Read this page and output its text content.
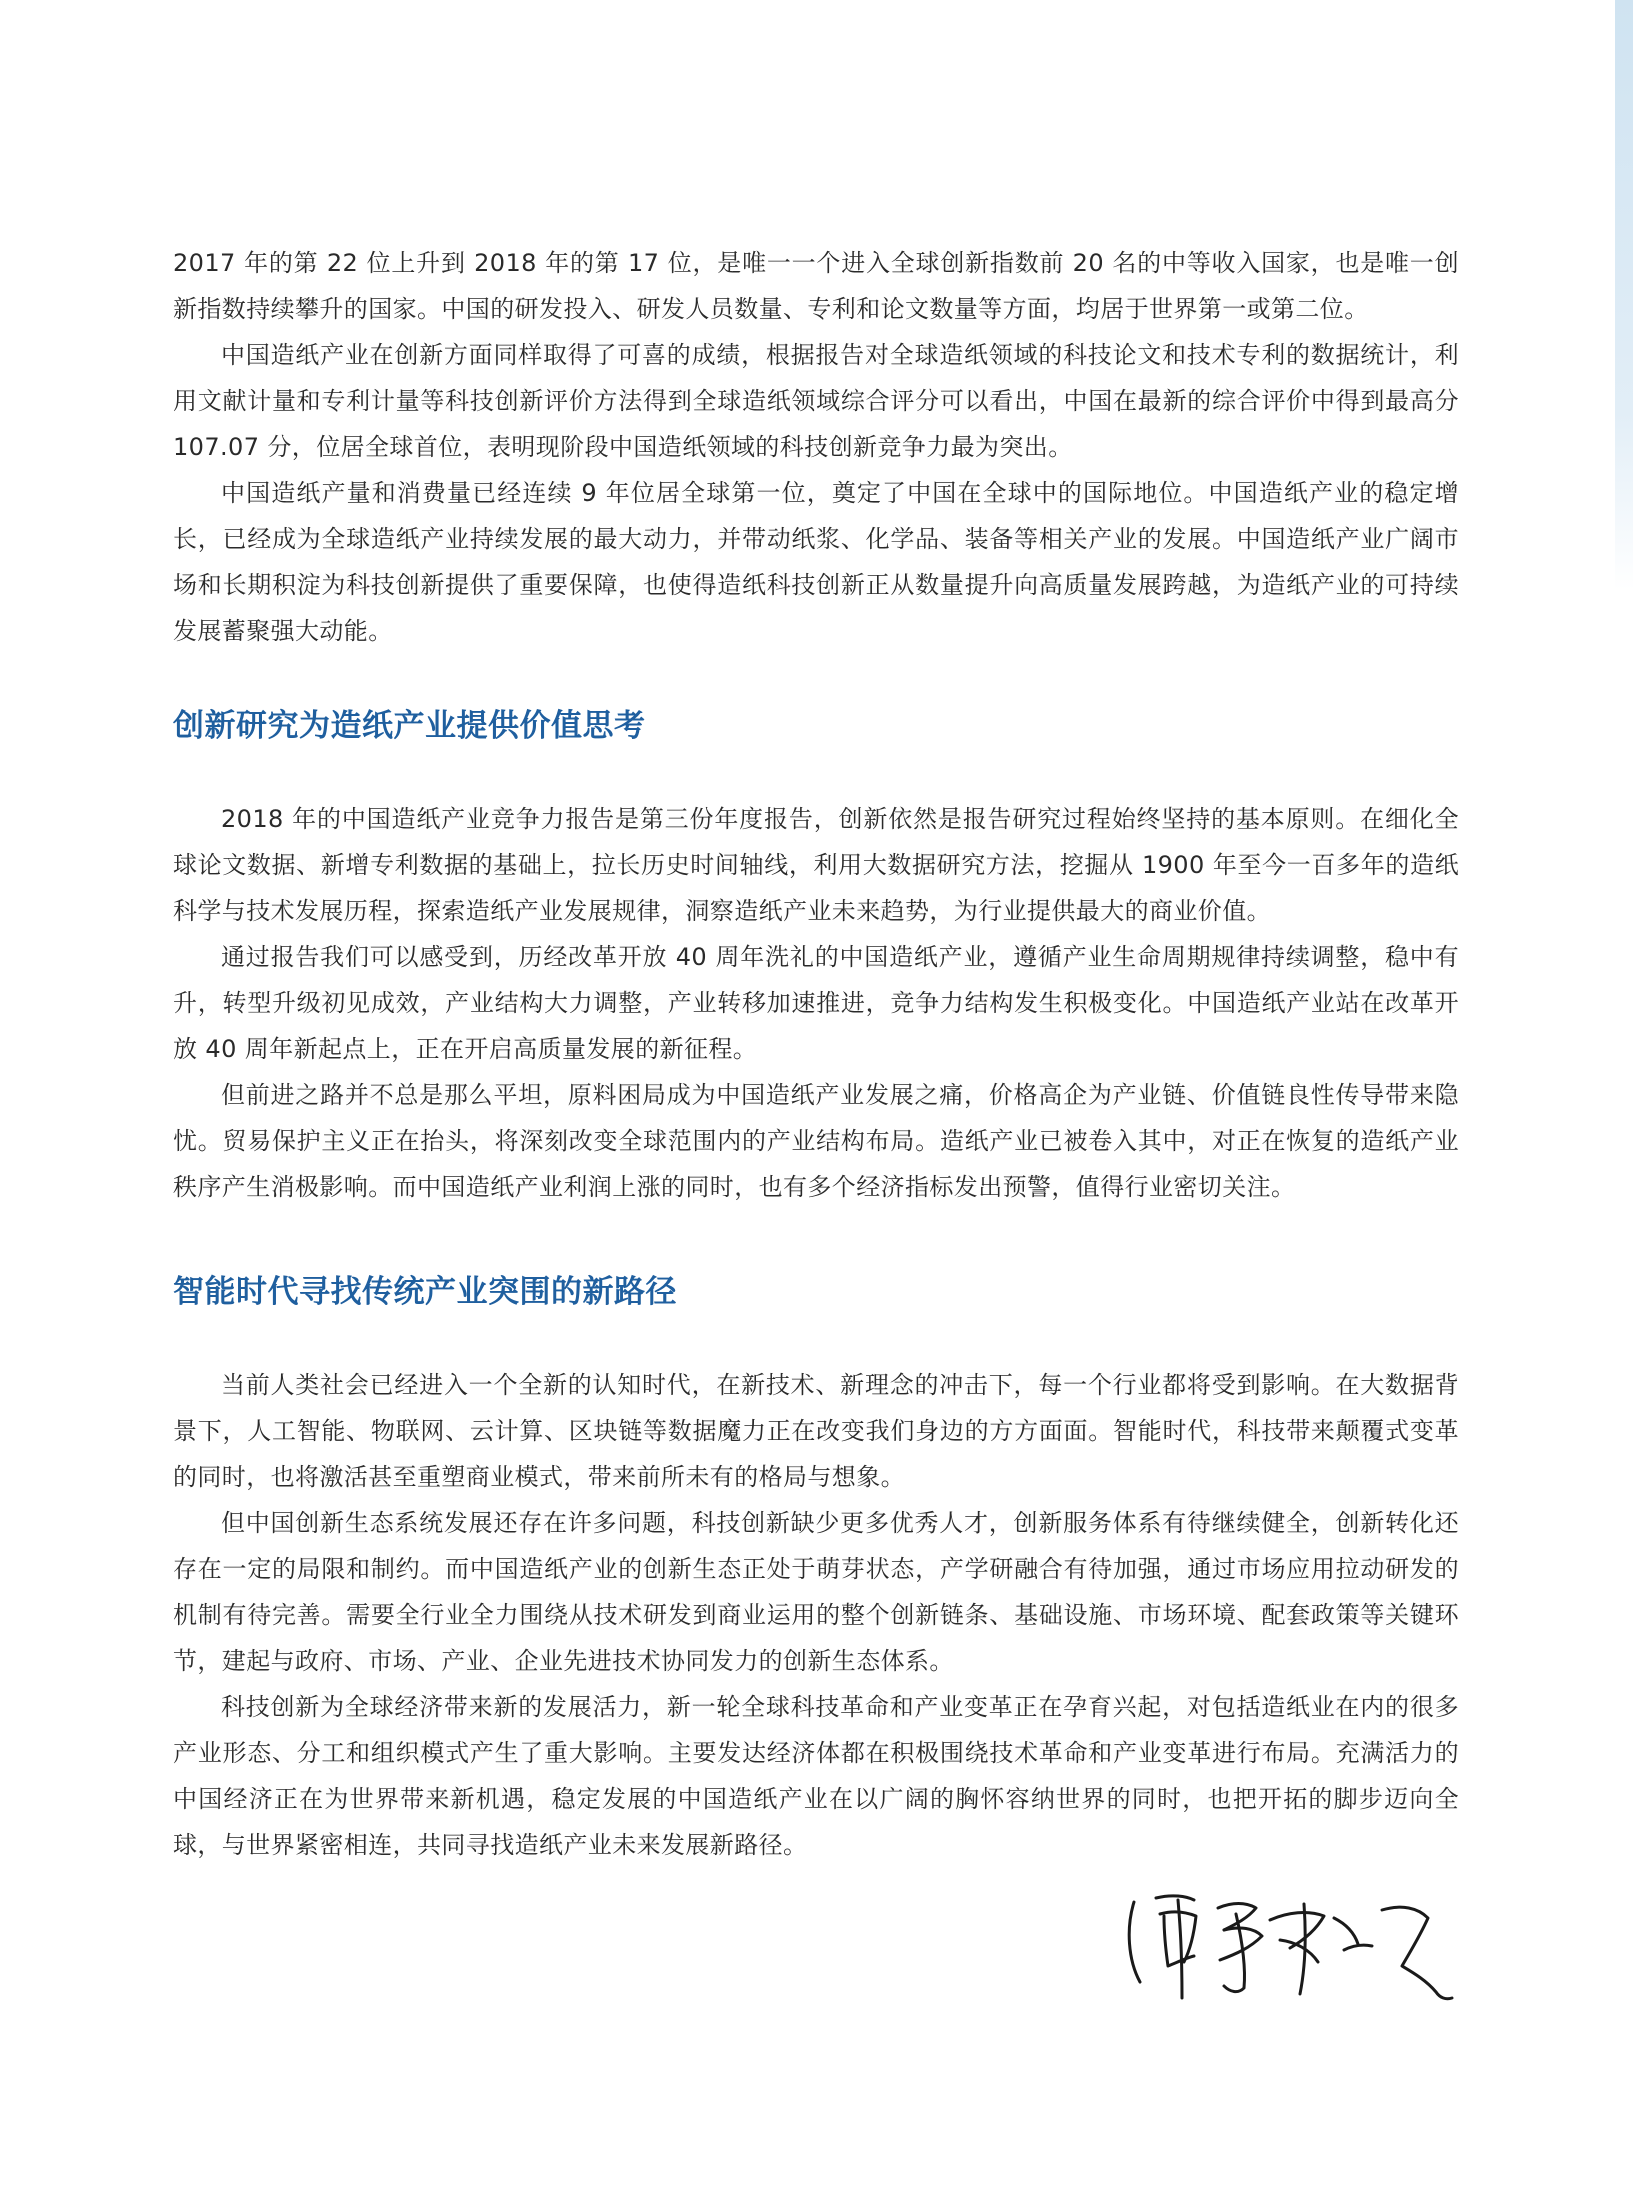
2017 年的第 22 位上升到 2018 年的第 17 位，是唯一一个进入全球创新指数前 20 名的中等收入国家，也是唯一创新指数持续攀升的国家。中国的研发投入、研发人员数量、专利和论文数量等方面，均居于世界第一或第二位。

中国造纸产业在创新方面同样取得了可喜的成绩，根据报告对全球造纸领域的科技论文和技术专利的数据统计，利用文献计量和专利计量等科技创新评价方法得到全球造纸领域综合评分可以看出，中国在最新的综合评价中得到最高分 107.07 分，位居全球首位，表明现阶段中国造纸领域的科技创新竞争力最为突出。

中国造纸产量和消费量已经连续 9 年位居全球第一位，奠定了中国在全球中的国际地位。中国造纸产业的稳定增长，已经成为全球造纸产业持续发展的最大动力，并带动纸浆、化学品、装备等相关产业的发展。中国造纸产业广阔市场和长期积淀为科技创新提供了重要保障，也使得造纸科技创新正从数量提升向高质量发展跨越，为造纸产业的可持续发展蓄聚强大动能。

创新研究为造纸产业提供价值思考

2018 年的中国造纸产业竞争力报告是第三份年度报告，创新依然是报告研究过程始终坚持的基本原则。在细化全球论文数据、新增专利数据的基础上，拉长历史时间轴线，利用大数据研究方法，挖掘从 1900 年至今一百多年的造纸科学与技术发展历程，探索造纸产业发展规律，洞察造纸产业未来趋势，为行业提供最大的商业价值。

通过报告我们可以感受到，历经改革开放 40 周年洗礼的中国造纸产业，遵循产业生命周期规律持续调整，稳中有升，转型升级初见成效，产业结构大力调整，产业转移加速推进，竞争力结构发生积极变化。中国造纸产业站在改革开放 40 周年新起点上，正在开启高质量发展的新征程。

但前进之路并不总是那么平坦，原料困局成为中国造纸产业发展之痛，价格高企为产业链、价值链良性传导带来隐忧。贸易保护主义正在抬头，将深刻改变全球范围内的产业结构布局。造纸产业已被卷入其中，对正在恢复的造纸产业秩序产生消极影响。而中国造纸产业利润上涨的同时，也有多个经济指标发出预警，值得行业密切关注。

智能时代寻找传统产业突围的新路径

当前人类社会已经进入一个全新的认知时代，在新技术、新理念的冲击下，每一个行业都将受到影响。在大数据背景下，人工智能、物联网、云计算、区块链等数据魔力正在改变我们身边的方方面面。智能时代，科技带来颠覆式变革的同时，也将激活甚至重塑商业模式，带来前所未有的格局与想象。

但中国创新生态系统发展还存在许多问题，科技创新缺少更多优秀人才，创新服务体系有待继续健全，创新转化还存在一定的局限和制约。而中国造纸产业的创新生态正处于萌芽状态，产学研融合有待加强，通过市场应用拉动研发的机制有待完善。需要全行业全力围绕从技术研发到商业运用的整个创新链条、基础设施、市场环境、配套政策等关键环节，建起与政府、市场、产业、企业先进技术协同发力的创新生态体系。

科技创新为全球经济带来新的发展活力，新一轮全球科技革命和产业变革正在孕育兴起，对包括造纸业在内的很多产业形态、分工和组织模式产生了重大影响。主要发达经济体都在积极围绕技术革命和产业变革进行布局。充满活力的中国经济正在为世界带来新机遇，稳定发展的中国造纸产业在以广阔的胸怀容纳世界的同时，也把开拓的脚步迈向全球，与世界紧密相连，共同寻找造纸产业未来发展新路径。
